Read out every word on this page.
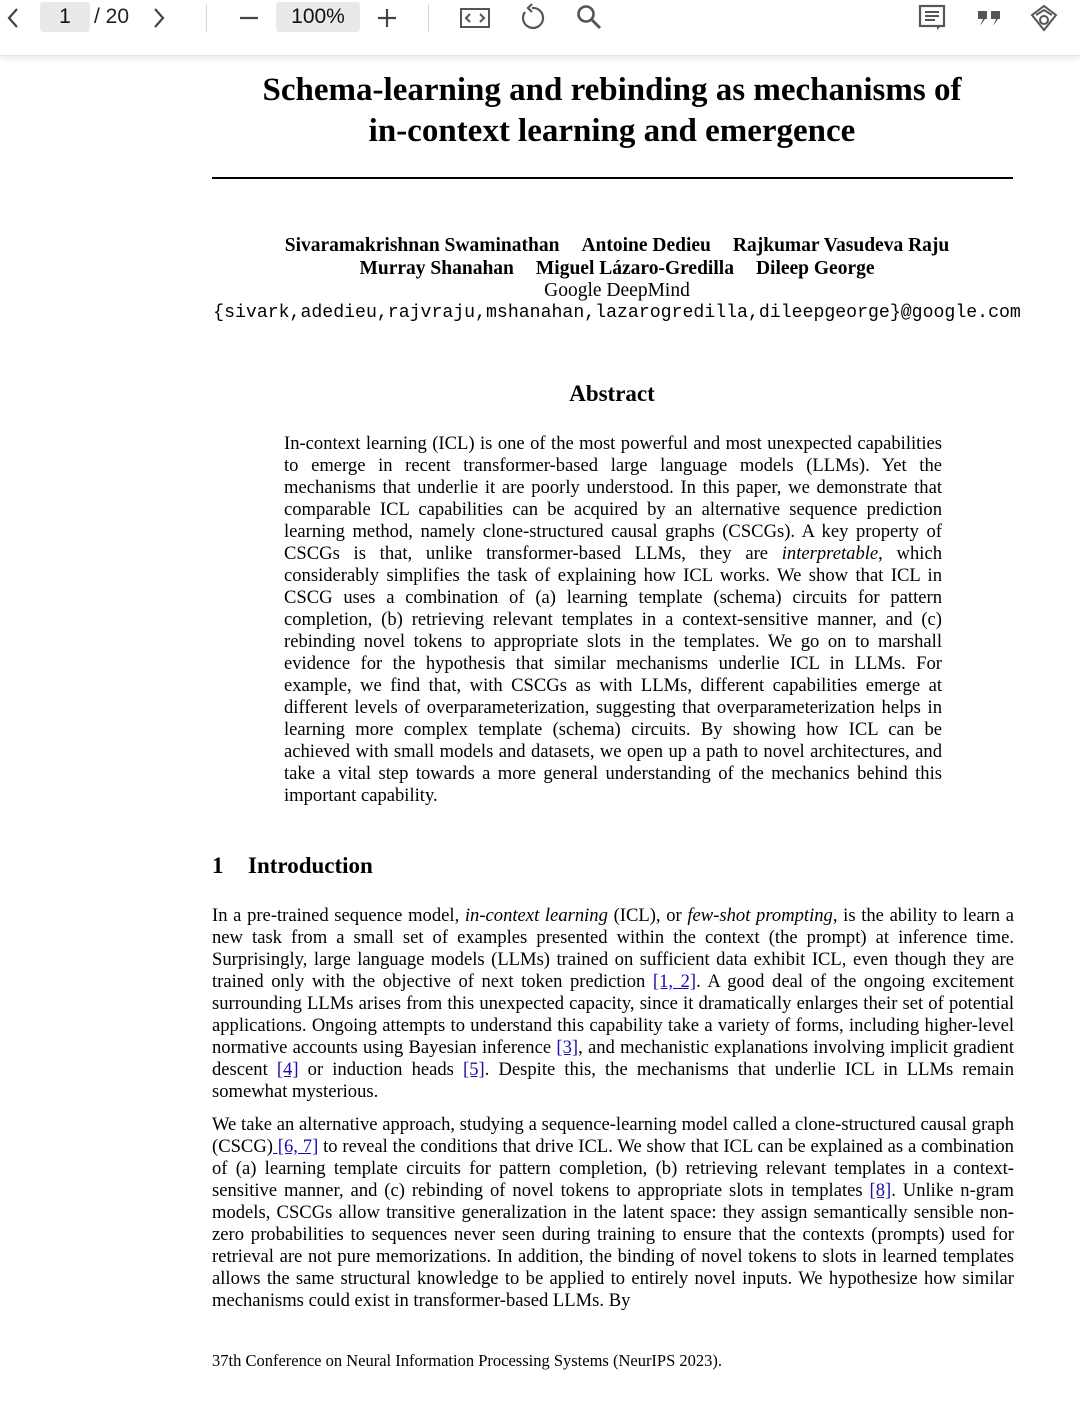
1 / 20	100%
Schema-learning and rebinding as mechanisms of
in-context learning and emergence
Sivaramakrishnan Swaminathan Antoine Dedieu Rajkumar Vasudeva Raju
Murray Shanahan Miguel Lázaro-Gredilla Dileep George
Google DeepMind
{sivark,adedieu,rajvraju,mshanahan,lazarogredilla,dileepgeorge}@google.com
Abstract
In-context learning (ICL) is one of the most powerful and most unexpected capabilities to emerge in recent transformer-based large language models (LLMs). Yet the mechanisms that underlie it are poorly understood. In this paper, we demonstrate that comparable ICL capabilities can be acquired by an alternative sequence prediction learning method, namely clone-structured causal graphs (CSCGs). A key property of CSCGs is that, unlike transformer-based LLMs, they are interpretable, which considerably simplifies the task of explaining how ICL works. We show that ICL in CSCG uses a combination of (a) learning template (schema) circuits for pattern completion, (b) retrieving relevant templates in a context-sensitive manner, and (c) rebinding novel tokens to appropriate slots in the templates. We go on to marshall evidence for the hypothesis that similar mechanisms underlie ICL in LLMs. For example, we find that, with CSCGs as with LLMs, different capabilities emerge at different levels of overparameterization, suggesting that overparameterization helps in learning more complex template (schema) circuits. By showing how ICL can be achieved with small models and datasets, we open up a path to novel architectures, and take a vital step towards a more general understanding of the mechanics behind this important capability.
1 Introduction
In a pre-trained sequence model, in-context learning (ICL), or few-shot prompting, is the ability to learn a new task from a small set of examples presented within the context (the prompt) at inference time. Surprisingly, large language models (LLMs) trained on sufficient data exhibit ICL, even though they are trained only with the objective of next token prediction [1, 2]. A good deal of the ongoing excitement surrounding LLMs arises from this unexpected capacity, since it dramatically enlarges their set of potential applications. Ongoing attempts to understand this capability take a variety of forms, including higher-level normative accounts using Bayesian inference [3], and mechanistic explanations involving implicit gradient descent [4] or induction heads [5]. Despite this, the mechanisms that underlie ICL in LLMs remain somewhat mysterious.
We take an alternative approach, studying a sequence-learning model called a clone-structured causal graph (CSCG) [6, 7] to reveal the conditions that drive ICL. We show that ICL can be explained as a combination of (a) learning template circuits for pattern completion, (b) retrieving relevant templates in a context-sensitive manner, and (c) rebinding of novel tokens to appropriate slots in templates [8]. Unlike n-gram models, CSCGs allow transitive generalization in the latent space: they assign semantically sensible non-zero probabilities to sequences never seen during training to ensure that the contexts (prompts) used for retrieval are not pure memorizations. In addition, the binding of novel tokens to slots in learned templates allows the same structural knowledge to be applied to entirely novel inputs. We hypothesize how similar mechanisms could exist in transformer-based LLMs. By
37th Conference on Neural Information Processing Systems (NeurIPS 2023).
